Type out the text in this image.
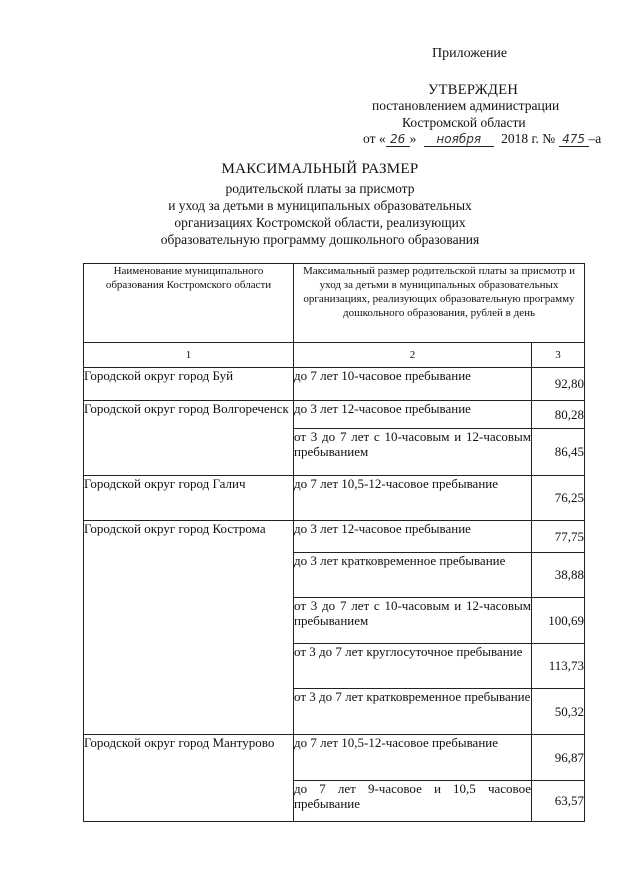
Приложение
УТВЕРЖДЕН
постановлением администрации
Костромской области
от « 26 » ноября 2018 г. № 475 –а
МАКСИМАЛЬНЫЙ РАЗМЕР
родительской платы за присмотр
и уход за детьми в муниципальных образовательных
организациях Костромской области, реализующих
образовательную программу дошкольного образования
Наименование муниципального образования Костромского области	Максимальный размер родительской платы за присмотр и уход за детьми в муниципальных образовательных организациях, реализующих образовательную программу дошкольного образования, рублей в день	
1	2	3
Городской округ город Буй	до 7 лет 10-часовое пребывание	92,80
Городской округ город Волгореченск	до 3 лет 12-часовое пребывание	80,28
	от 3 до 7 лет с 10-часовым и 12-часовым пребыванием	86,45
Городской округ город Галич	до 7 лет 10,5-12-часовое пребывание	76,25
Городской округ город Кострома	до 3 лет 12-часовое пребывание	77,75
	до 3 лет кратковременное пребывание	38,88
	от 3 до 7 лет с 10-часовым и 12-часовым пребыванием	100,69
	от 3 до 7 лет круглосуточное пребывание	113,73
	от 3 до 7 лет кратковременное пребывание	50,32
Городской округ город Мантурово	до 7 лет 10,5-12-часовое пребывание	96,87
	до 7 лет 9-часовое и 10,5 часовое пребывание	63,57
